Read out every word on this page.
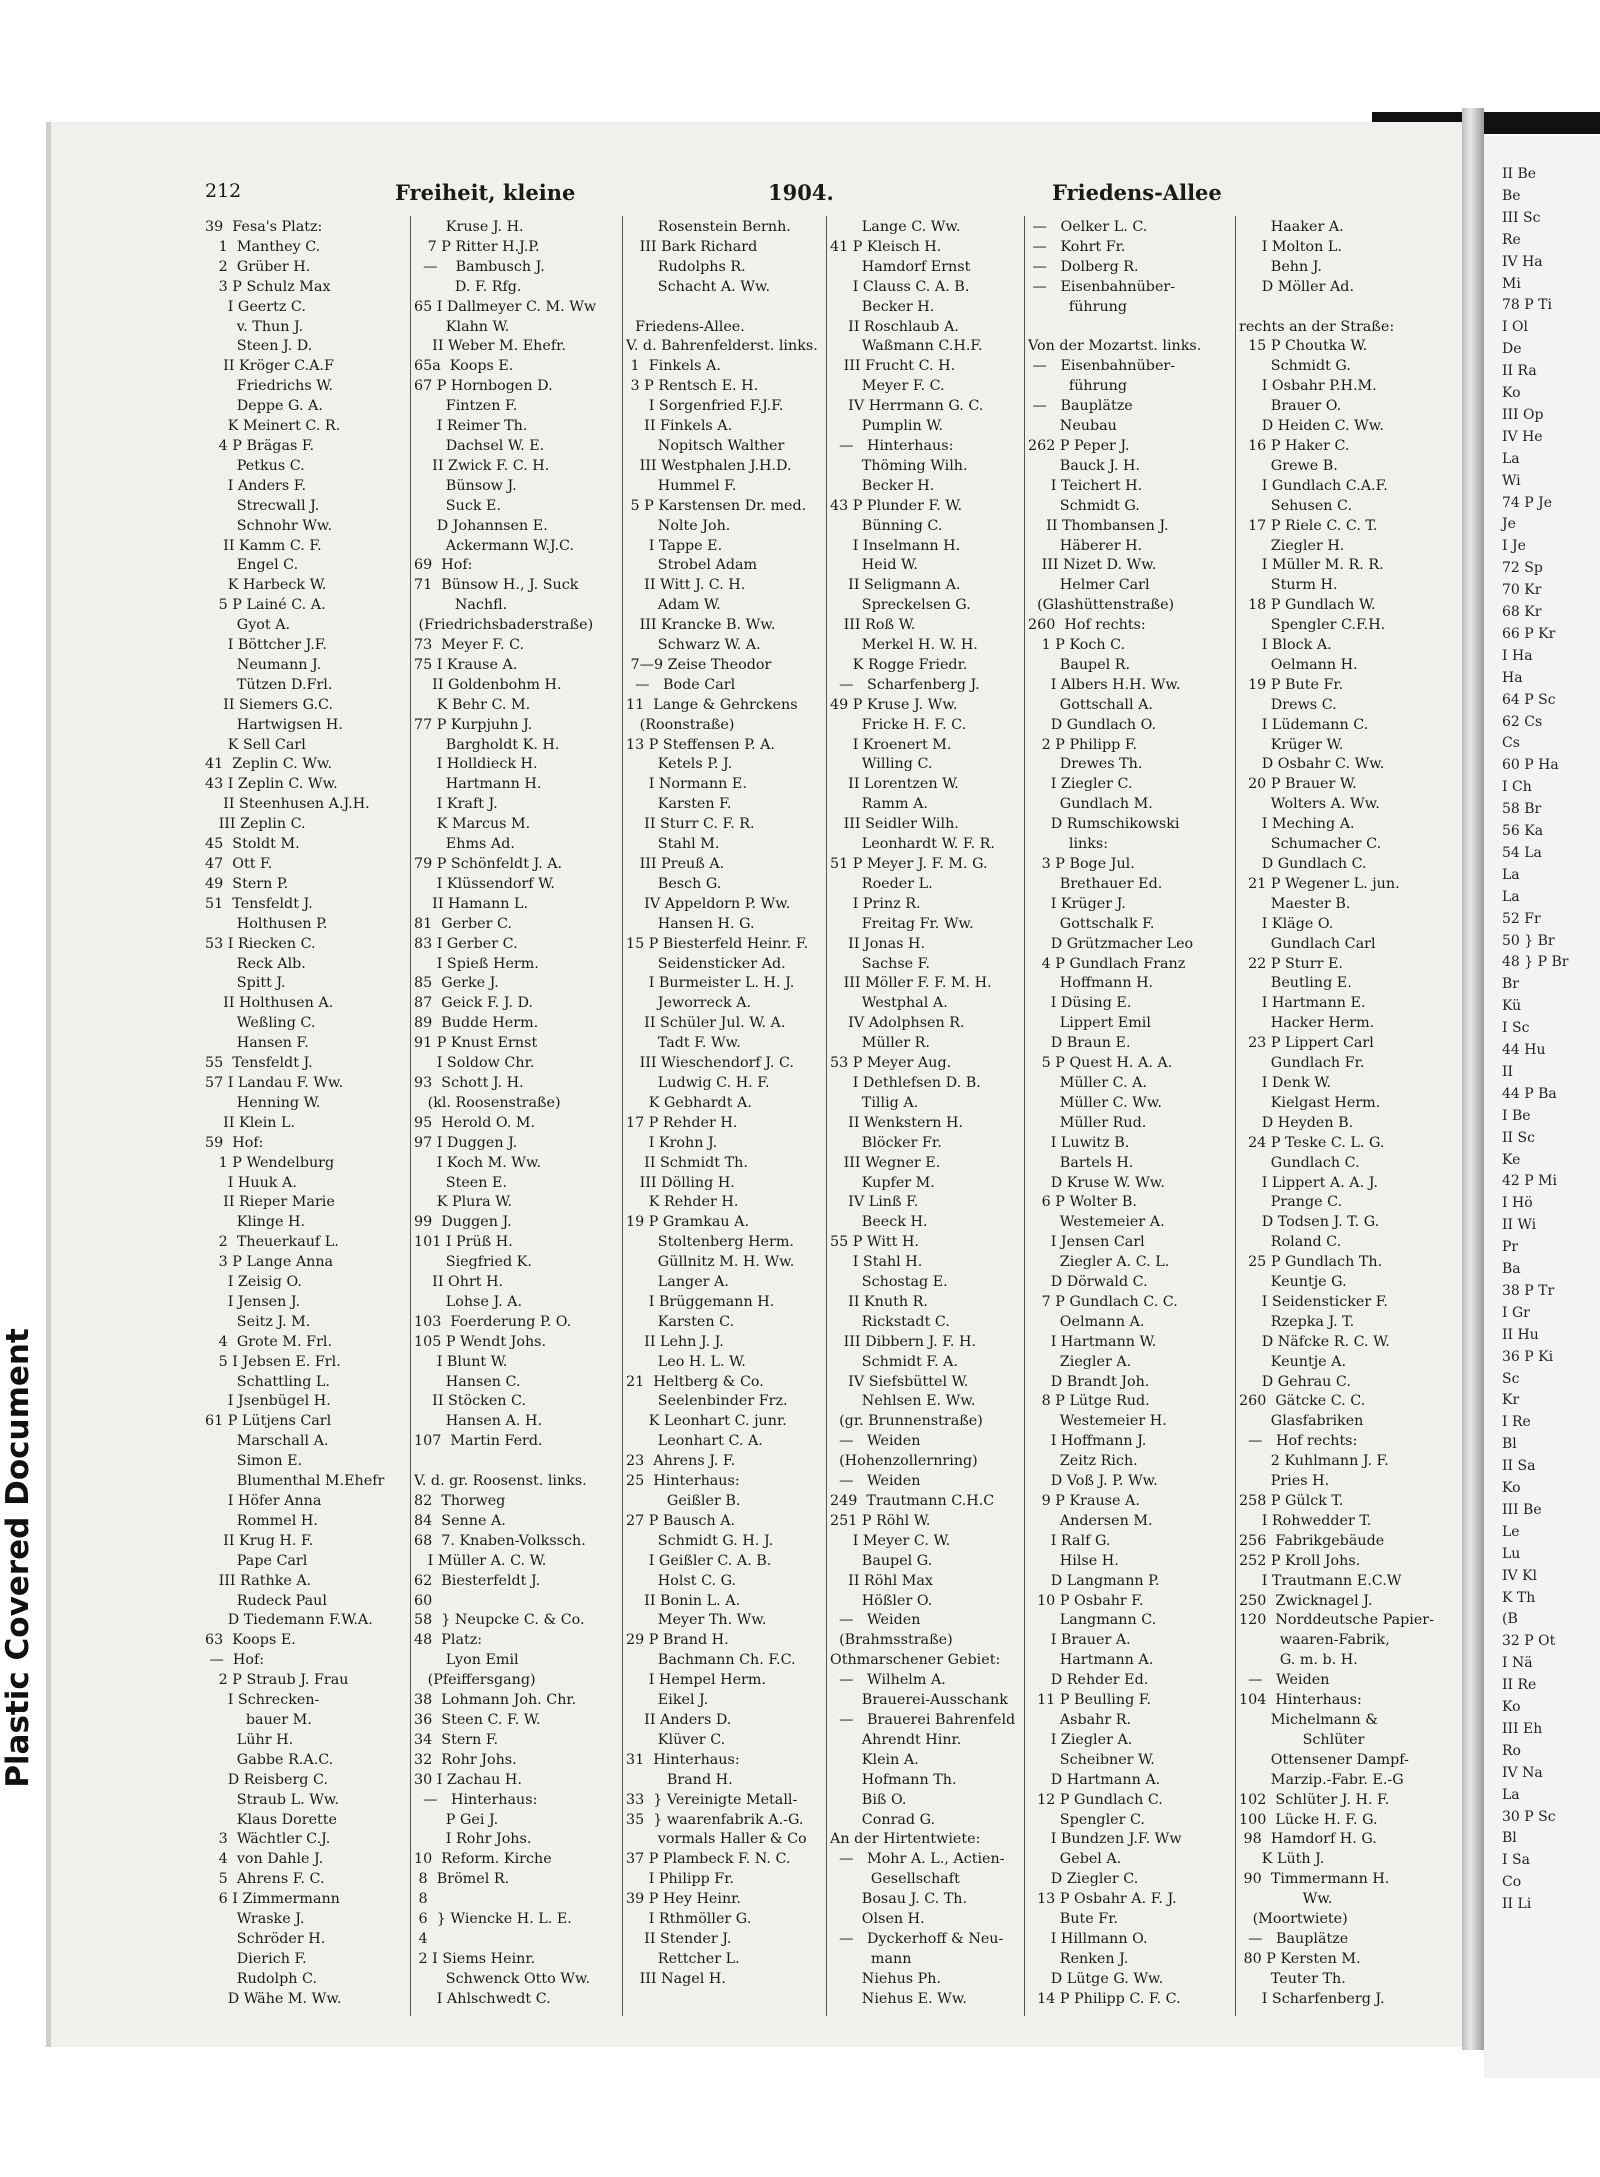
Plastic Covered Document
II Be
Be
III Sc
Re
IV Ha
Mi
78 P Ti
I Ol
De
II Ra
Ko
III Op
IV He
La
Wi
74 P Je
Je
I Je
72 Sp
70 Kr
68 Kr
66 P Kr
I Ha
Ha
64 P Sc
62 Cs
Cs
60 P Ha
I Ch
58 Br
56 Ka
54 La
La
La
52 Fr
50 } Br
48 } P Br
Br
Kü
I Sc
44 Hu
II
44 P Ba
I Be
II Sc
Ke
42 P Mi
I Hö
II Wi
Pr
Ba
38 P Tr
I Gr
II Hu
36 P Ki
Sc
Kr
I Re
Bl
II Sa
Ko
III Be
Le
Lu
IV Kl
K Th
(B
32 P Ot
I Nä
II Re
Ko
III Eh
Ro
IV Na
La
30 P Sc
Bl
I Sa
Co
II Li
212	Freiheit, kleine	1904.	Friedens-Allee
39  Fesa's Platz:
1  Manthey C.
2  Grüber H.
3 P Schulz Max
I Geertz C.
v. Thun J.
Steen J. D.
II Kröger C.A.F
Friedrichs W.
Deppe G. A.
K Meinert C. R.
4 P Brägas F.
Petkus C.
I Anders F.
Strecwall J.
Schnohr Ww.
II Kamm C. F.
Engel C.
K Harbeck W.
5 P Lainé C. A.
Gyot A.
I Böttcher J.F.
Neumann J.
Tützen D.Frl.
II Siemers G.C.
Hartwigsen H.
K Sell Carl
41  Zeplin C. Ww.
43 I Zeplin C. Ww.
II Steenhusen A.J.H.
III Zeplin C.
45  Stoldt M.
47  Ott F.
49  Stern P.
51  Tensfeldt J.
Holthusen P.
53 I Riecken C.
Reck Alb.
Spitt J.
II Holthusen A.
Weßling C.
Hansen F.
55  Tensfeldt J.
57 I Landau F. Ww.
Henning W.
II Klein L.
59  Hof:
1 P Wendelburg
I Huuk A.
II Rieper Marie
Klinge H.
2  Theuerkauf L.
3 P Lange Anna
I Zeisig O.
I Jensen J.
Seitz J. M.
4  Grote M. Frl.
5 I Jebsen E. Frl.
Schattling L.
I Jsenbügel H.
61 P Lütjens Carl
Marschall A.
Simon E.
Blumenthal M.Ehefr
I Höfer Anna
Rommel H.
II Krug H. F.
Pape Carl
III Rathke A.
Rudeck Paul
D Tiedemann F.W.A.
63  Koops E.
—  Hof:
2 P Straub J. Frau
I Schrecken-
bauer M.
Lühr H.
Gabbe R.A.C.
D Reisberg C.
Straub L. Ww.
Klaus Dorette
3  Wächtler C.J.
4  von Dahle J.
5  Ahrens F. C.
6 I Zimmermann
Wraske J.
Schröder H.
Dierich F.
Rudolph C.
D Wähe M. Ww.
Kruse J. H.
7 P Ritter H.J.P.
—    Bambusch J.
D. F. Rfg.
65 I Dallmeyer C. M. Ww
Klahn W.
II Weber M. Ehefr.
65a  Koops E.
67 P Hornbogen D.
Fintzen F.
I Reimer Th.
Dachsel W. E.
II Zwick F. C. H.
Bünsow J.
Suck E.
D Johannsen E.
Ackermann W.J.C.
69  Hof:
71  Bünsow H., J. Suck
Nachfl.
(Friedrichsbaderstraße)
73  Meyer F. C.
75 I Krause A.
II Goldenbohm H.
K Behr C. M.
77 P Kurpjuhn J.
Bargholdt K. H.
I Holldieck H.
Hartmann H.
I Kraft J.
K Marcus M.
Ehms Ad.
79 P Schönfeldt J. A.
I Klüssendorf W.
II Hamann L.
81  Gerber C.
83 I Gerber C.
I Spieß Herm.
85  Gerke J.
87  Geick F. J. D.
89  Budde Herm.
91 P Knust Ernst
I Soldow Chr.
93  Schott J. H.
(kl. Roosenstraße)
95  Herold O. M.
97 I Duggen J.
I Koch M. Ww.
Steen E.
K Plura W.
99  Duggen J.
101 I Prüß H.
Siegfried K.
II Ohrt H.
Lohse J. A.
103  Foerderung P. O.
105 P Wendt Johs.
I Blunt W.
Hansen C.
II Stöcken C.
Hansen A. H.
107  Martin Ferd.

V. d. gr. Roosenst. links.
82  Thorweg
84  Senne A.
68  7. Knaben-Volkssch.
I Müller A. C. W.
62  Biesterfeldt J.
60
58  } Neupcke C. & Co.
48  Platz:
Lyon Emil
(Pfeiffersgang)
38  Lohmann Joh. Chr.
36  Steen C. F. W.
34  Stern F.
32  Rohr Johs.
30 I Zachau H.
—   Hinterhaus:
P Gei J.
I Rohr Johs.
10  Reform. Kirche
8  Brömel R.
8
6  } Wiencke H. L. E.
4
2 I Siems Heinr.
Schwenck Otto Ww.
I Ahlschwedt C.
Rosenstein Bernh.
III Bark Richard
Rudolphs R.
Schacht A. Ww.

Friedens-Allee.
V. d. Bahrenfelderst. links.
1  Finkels A.
3 P Rentsch E. H.
I Sorgenfried F.J.F.
II Finkels A.
Nopitsch Walther
III Westphalen J.H.D.
Hummel F.
5 P Karstensen Dr. med.
Nolte Joh.
I Tappe E.
Strobel Adam
II Witt J. C. H.
Adam W.
III Krancke B. Ww.
Schwarz W. A.
7—9 Zeise Theodor
—   Bode Carl
11  Lange & Gehrckens
(Roonstraße)
13 P Steffensen P. A.
Ketels P. J.
I Normann E.
Karsten F.
II Sturr C. F. R.
Stahl M.
III Preuß A.
Besch G.
IV Appeldorn P. Ww.
Hansen H. G.
15 P Biesterfeld Heinr. F.
Seidensticker Ad.
I Burmeister L. H. J.
Jeworreck A.
II Schüler Jul. W. A.
Tadt F. Ww.
III Wieschendorf J. C.
Ludwig C. H. F.
K Gebhardt A.
17 P Rehder H.
I Krohn J.
II Schmidt Th.
III Dölling H.
K Rehder H.
19 P Gramkau A.
Stoltenberg Herm.
Güllnitz M. H. Ww.
Langer A.
I Brüggemann H.
Karsten C.
II Lehn J. J.
Leo H. L. W.
21  Heltberg & Co.
Seelenbinder Frz.
K Leonhart C. junr.
Leonhart C. A.
23  Ahrens J. F.
25  Hinterhaus:
Geißler B.
27 P Bausch A.
Schmidt G. H. J.
I Geißler C. A. B.
Holst C. G.
II Bonin L. A.
Meyer Th. Ww.
29 P Brand H.
Bachmann Ch. F.C.
I Hempel Herm.
Eikel J.
II Anders D.
Klüver C.
31  Hinterhaus:
Brand H.
33  } Vereinigte Metall-
35  } waarenfabrik A.-G.
vormals Haller & Co
37 P Plambeck F. N. C.
I Philipp Fr.
39 P Hey Heinr.
I Rthmöller G.
II Stender J.
Rettcher L.
III Nagel H.
Lange C. Ww.
41 P Kleisch H.
Hamdorf Ernst
I Clauss C. A. B.
Becker H.
II Roschlaub A.
Waßmann C.H.F.
III Frucht C. H.
Meyer F. C.
IV Herrmann G. C.
Pumplin W.
—   Hinterhaus:
Thöming Wilh.
Becker H.
43 P Plunder F. W.
Bünning C.
I Inselmann H.
Heid W.
II Seligmann A.
Spreckelsen G.
III Roß W.
Merkel H. W. H.
K Rogge Friedr.
—   Scharfenberg J.
49 P Kruse J. Ww.
Fricke H. F. C.
I Kroenert M.
Willing C.
II Lorentzen W.
Ramm A.
III Seidler Wilh.
Leonhardt W. F. R.
51 P Meyer J. F. M. G.
Roeder L.
I Prinz R.
Freitag Fr. Ww.
II Jonas H.
Sachse F.
III Möller F. F. M. H.
Westphal A.
IV Adolphsen R.
Müller R.
53 P Meyer Aug.
I Dethlefsen D. B.
Tillig A.
II Wenkstern H.
Blöcker Fr.
III Wegner E.
Kupfer M.
IV Linß F.
Beeck H.
55 P Witt H.
I Stahl H.
Schostag E.
II Knuth R.
Rickstadt C.
III Dibbern J. F. H.
Schmidt F. A.
IV Siefsbüttel W.
Nehlsen E. Ww.
(gr. Brunnenstraße)
—   Weiden
(Hohenzollernring)
—   Weiden
249  Trautmann C.H.C
251 P Röhl W.
I Meyer C. W.
Baupel G.
II Röhl Max
Hößler O.
—   Weiden
(Brahmsstraße)
Othmarschener Gebiet:
—   Wilhelm A.
Brauerei-Ausschank
—   Brauerei Bahrenfeld
Ahrendt Hinr.
Klein A.
Hofmann Th.
Biß O.
Conrad G.
An der Hirtentwiete:
—   Mohr A. L., Actien-
Gesellschaft
Bosau J. C. Th.
Olsen H.
—   Dyckerhoff & Neu-
mann
Niehus Ph.
Niehus E. Ww.
—   Oelker L. C.
—   Kohrt Fr.
—   Dolberg R.
—   Eisenbahnüber-
führung

Von der Mozartst. links.
—   Eisenbahnüber-
führung
—   Bauplätze
Neubau
262 P Peper J.
Bauck J. H.
I Teichert H.
Schmidt G.
II Thombansen J.
Häberer H.
III Nizet D. Ww.
Helmer Carl
(Glashüttenstraße)
260  Hof rechts:
1 P Koch C.
Baupel R.
I Albers H.H. Ww.
Gottschall A.
D Gundlach O.
2 P Philipp F.
Drewes Th.
I Ziegler C.
Gundlach M.
D Rumschikowski
links:
3 P Boge Jul.
Brethauer Ed.
I Krüger J.
Gottschalk F.
D Grützmacher Leo
4 P Gundlach Franz
Hoffmann H.
I Düsing E.
Lippert Emil
D Braun E.
5 P Quest H. A. A.
Müller C. A.
Müller C. Ww.
Müller Rud.
I Luwitz B.
Bartels H.
D Kruse W. Ww.
6 P Wolter B.
Westemeier A.
I Jensen Carl
Ziegler A. C. L.
D Dörwald C.
7 P Gundlach C. C.
Oelmann A.
I Hartmann W.
Ziegler A.
D Brandt Joh.
8 P Lütge Rud.
Westemeier H.
I Hoffmann J.
Zeitz Rich.
D Voß J. P. Ww.
9 P Krause A.
Andersen M.
I Ralf G.
Hilse H.
D Langmann P.
10 P Osbahr F.
Langmann C.
I Brauer A.
Hartmann A.
D Rehder Ed.
11 P Beulling F.
Asbahr R.
I Ziegler A.
Scheibner W.
D Hartmann A.
12 P Gundlach C.
Spengler C.
I Bundzen J.F. Ww
Gebel A.
D Ziegler C.
13 P Osbahr A. F. J.
Bute Fr.
I Hillmann O.
Renken J.
D Lütge G. Ww.
14 P Philipp C. F. C.
Haaker A.
I Molton L.
Behn J.
D Möller Ad.

rechts an der Straße:
15 P Choutka W.
Schmidt G.
I Osbahr P.H.M.
Brauer O.
D Heiden C. Ww.
16 P Haker C.
Grewe B.
I Gundlach C.A.F.
Sehusen C.
17 P Riele C. C. T.
Ziegler H.
I Müller M. R. R.
Sturm H.
18 P Gundlach W.
Spengler C.F.H.
I Block A.
Oelmann H.
19 P Bute Fr.
Drews C.
I Lüdemann C.
Krüger W.
D Osbahr C. Ww.
20 P Brauer W.
Wolters A. Ww.
I Meching A.
Schumacher C.
D Gundlach C.
21 P Wegener L. jun.
Maester B.
I Kläge O.
Gundlach Carl
22 P Sturr E.
Beutling E.
I Hartmann E.
Hacker Herm.
23 P Lippert Carl
Gundlach Fr.
I Denk W.
Kielgast Herm.
D Heyden B.
24 P Teske C. L. G.
Gundlach C.
I Lippert A. A. J.
Prange C.
D Todsen J. T. G.
Roland C.
25 P Gundlach Th.
Keuntje G.
I Seidensticker F.
Rzepka J. T.
D Näfcke R. C. W.
Keuntje A.
D Gehrau C.
260  Gätcke C. C.
Glasfabriken
—   Hof rechts:
2 Kuhlmann J. F.
Pries H.
258 P Gülck T.
I Rohwedder T.
256  Fabrikgebäude
252 P Kroll Johs.
I Trautmann E.C.W
250  Zwicknagel J.
120  Norddeutsche Papier-
waaren-Fabrik,
G. m. b. H.
—   Weiden
104  Hinterhaus:
Michelmann &
Schlüter
Ottensener Dampf-
Marzip.-Fabr. E.-G
102  Schlüter J. H. F.
100  Lücke H. F. G.
98  Hamdorf H. G.
K Lüth J.
90  Timmermann H.
Ww.
(Moortwiete)
—   Bauplätze
80 P Kersten M.
Teuter Th.
I Scharfenberg J.
